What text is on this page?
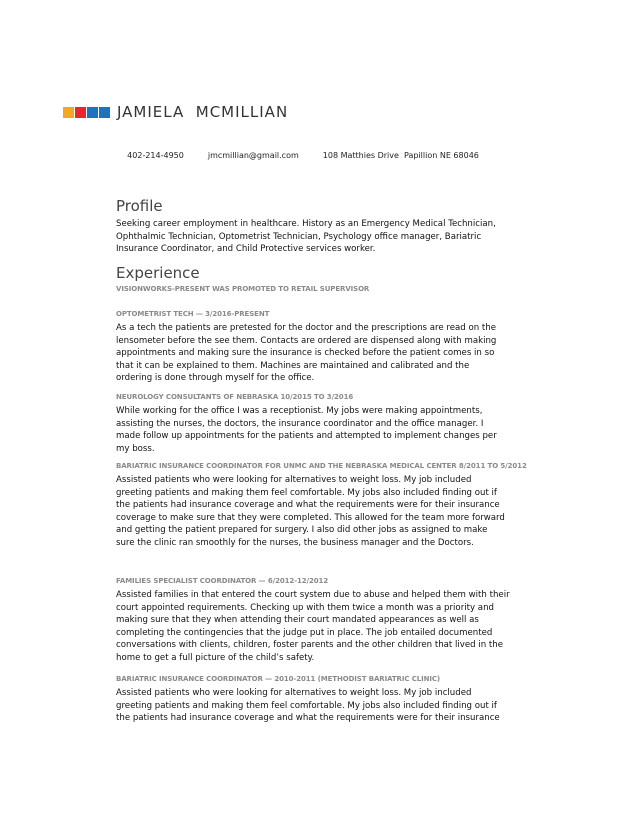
JAMIELA  MCMILLIAN

402-214-4950	jmcmillian@gmail.com	108 Matthies Drive  Papillion NE 68046

Profile
Seeking career employment in healthcare. History as an Emergency Medical Technician,
Ophthalmic Technician, Optometrist Technician, Psychology office manager, Bariatric
Insurance Coordinator, and Child Protective services worker.
Experience
VISIONWORKS-PRESENT WAS PROMOTED TO RETAIL SUPERVISOR
OPTOMETRIST TECH — 3/2016-PRESENT
As a tech the patients are pretested for the doctor and the prescriptions are read on the
lensometer before the see them. Contacts are ordered are dispensed along with making
appointments and making sure the insurance is checked before the patient comes in so
that it can be explained to them. Machines are maintained and calibrated and the
ordering is done through myself for the office.
NEUROLOGY CONSULTANTS OF NEBRASKA 10/2015 TO 3/2016
While working for the office I was a receptionist. My jobs were making appointments,
assisting the nurses, the doctors, the insurance coordinator and the office manager. I
made follow up appointments for the patients and attempted to implement changes per
my boss.
BARIATRIC INSURANCE COORDINATOR FOR UNMC AND THE NEBRASKA MEDICAL CENTER 8/2011 TO 5/2012
Assisted patients who were looking for alternatives to weight loss. My job included
greeting patients and making them feel comfortable. My jobs also included finding out if
the patients had insurance coverage and what the requirements were for their insurance
coverage to make sure that they were completed. This allowed for the team more forward
and getting the patient prepared for surgery. I also did other jobs as assigned to make
sure the clinic ran smoothly for the nurses, the business manager and the Doctors.
FAMILIES SPECIALIST COORDINATOR — 6/2012-12/2012
Assisted families in that entered the court system due to abuse and helped them with their
court appointed requirements. Checking up with them twice a month was a priority and
making sure that they when attending their court mandated appearances as well as
completing the contingencies that the judge put in place. The job entailed documented
conversations with clients, children, foster parents and the other children that lived in the
home to get a full picture of the child’s safety.
BARIATRIC INSURANCE COORDINATOR — 2010-2011 (METHODIST BARIATRIC CLINIC)
Assisted patients who were looking for alternatives to weight loss. My job included
greeting patients and making them feel comfortable. My jobs also included finding out if
the patients had insurance coverage and what the requirements were for their insurance
